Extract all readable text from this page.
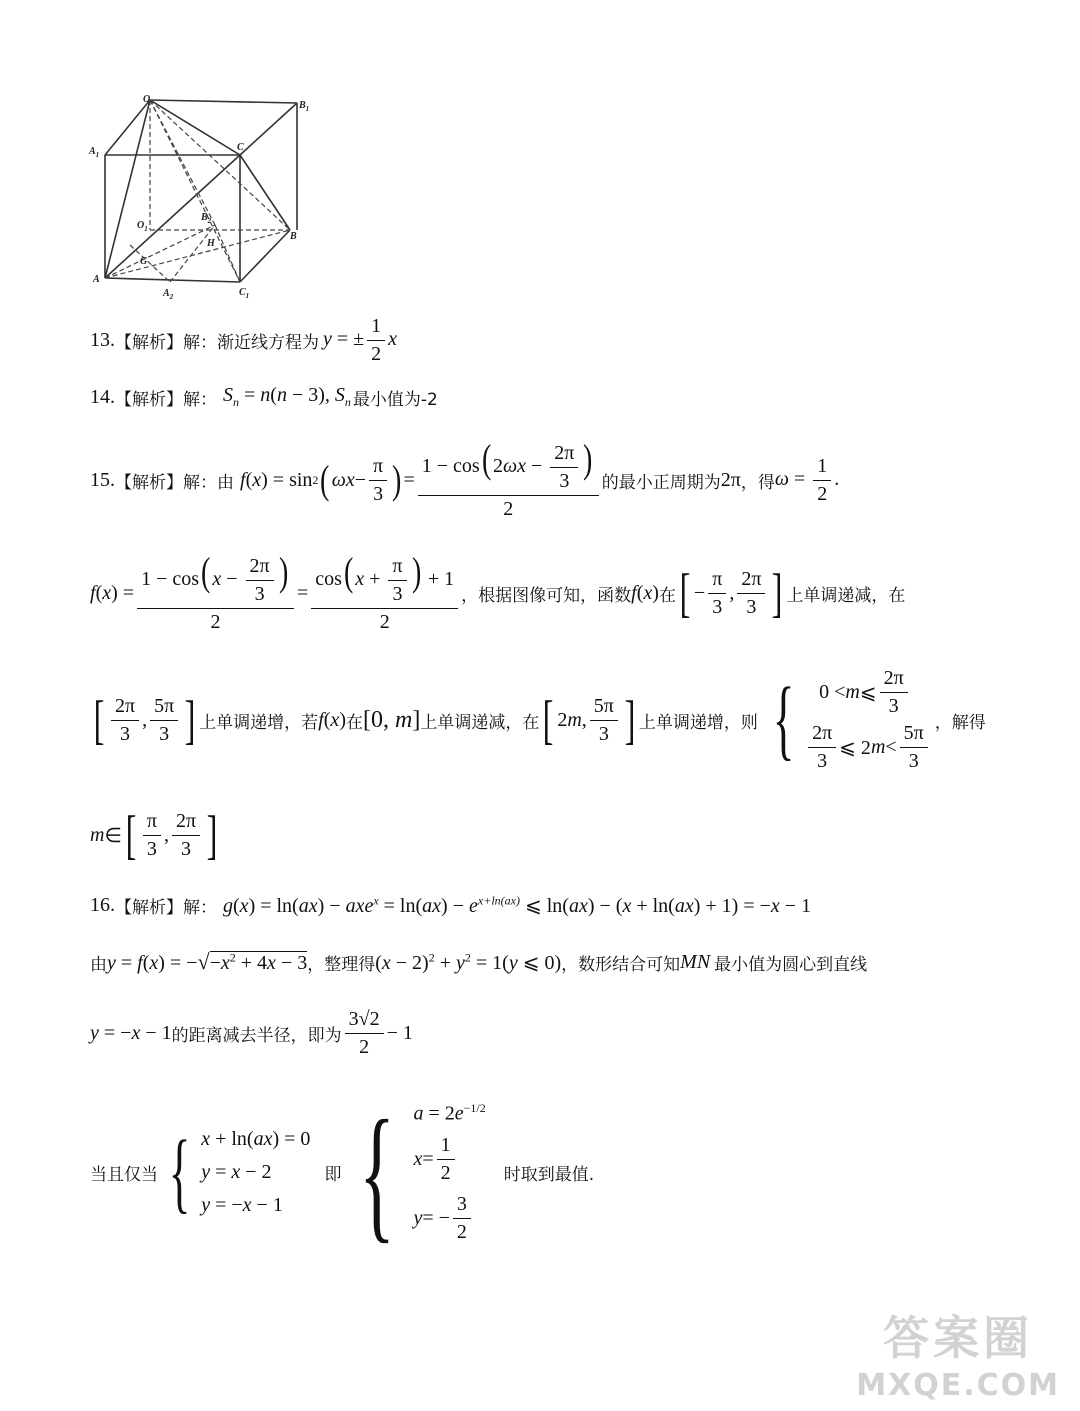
O
$B_1$
$A_1$
C
$O_1$
$B_2$
H
B
A
G
$A_2$	$C_1$
13. 【解析】解： 渐近线方程为 y = ± $\frac{1}{2}$ x
14. 【解析】解： $S_n = n(n - 3)$, $S_n$ 最小值为-2
15. 【解析】解：由 f ( x ) = sin 2 ( $\omega x - \frac{\pi}{3}$ ) = $\frac{1 - \cos(2\omega x - \frac{2\pi}{3} )}{2}$ 的最小正周期为 2π ，得 $\omega = \frac{1}{2}$ .
f ( x ) = $\frac{1 - \cos(x - \frac{2\pi}{3} )}{2} = \frac{\cos(x + \frac{\pi}{3} ) + 1}{2}$ ，根据图像可知，函数 f(x) 在 [ − $\frac{\pi}{3}$ , $\frac{2\pi}{3}$ ] 上单调递减，在
[ $\frac{2\pi}{3}$ , $\frac{5\pi}{3}$ ] 上单调递增，若 f(x) 在 [0, m] 上单调递减，在 [ 2 m , $\frac{5\pi}{3}$ ] 上单调递增，则 { 0 < m ⩽ $\frac{2\pi}{3}$
$\frac{2\pi}{3}$ ⩽ 2 $m < \frac{5\pi}{3}$ ，解得
m ∈ [ $\frac{\pi}{3}$ , $\frac{2\pi}{3}$ ]
16. 【解析】解： $g(x) = \ln(ax) - axe^x = \ln(ax) - e^{x+ln(ax)}$ ⩽ ln(ax) − (x + ln(ax) + 1) = −x − 1
由 $y = f(x) = -√-x^2 + 4x - 3$ ，整理得 $(x - 2)^2 + y^2 = 1(y$ ⩽ 0) ，数形结合可知 MN 最小值为圆心到直线
y = −x − 1 的距离减去半径，即为 $\frac{3√2}{2} - 1$
当且仅当 { x + ln(ax) = 0
y = x − 2
y = −x − 1
即 { $a = 2e^{-1/2}$
$x = \frac{1}{2}$
y = − $\frac{3}{2}$
时取到最值.
答案圈
MXQE.COM
